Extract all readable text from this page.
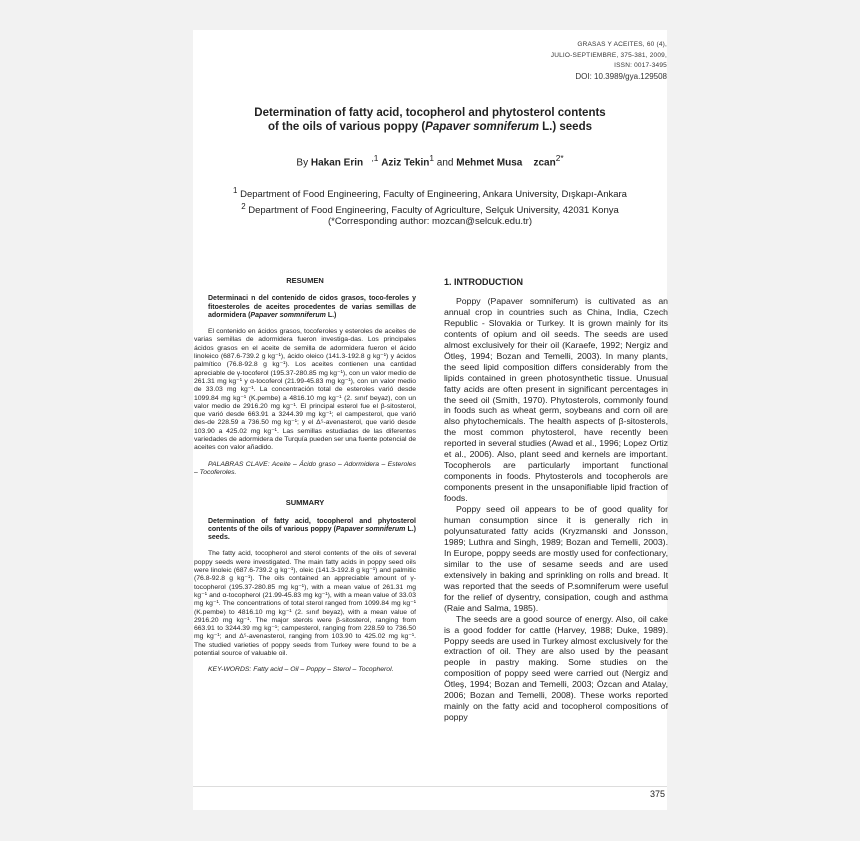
GRASAS Y ACEITES, 60 (4),
JULIO-SEPTIEMBRE, 375-381, 2009,
ISSN: 0017-3495
DOI: 10.3989/gya.129508
Determination of fatty acid, tocopherol and phytosterol contents
of the oils of various poppy (Papaver somniferum L.) seeds
By Hakan Erin $^{,1}$ Aziz Tekin$^1$ and Mehmet Musa zcan$^{2*}$
$^1$ Department of Food Engineering, Faculty of Engineering, Ankara University, Dışkapı-Ankara
$^2$ Department of Food Engineering, Faculty of Agriculture, Selçuk University, 42031 Konya
(*Corresponding author: mozcan@selcuk.edu.tr)
RESUMEN
Determinaci n del contenido de cidos grasos, toco-feroles y fitoesteroles de aceites procedentes de varias semillas de adormidera (Papaver sommniferum L.)

El contenido en ácidos grasos, tocoferoles y esteroles de aceites de varias semillas de adormidera fueron investiga-das. Los principales ácidos grasos en el aceite de semilla de adormidera fueron el ácido linoleico (687.6-739.2 g kg⁻¹), ácido oleico (141.3-192.8 g kg⁻¹) y ácidos palmítico (76.8-92.8 g kg⁻¹). Los aceites contienen una cantidad apreciable de γ-tocoferol (195.37-280.85 mg kg⁻¹), con un valor medio de 261.31 mg kg⁻¹ y α-tocoferol (21.99-45.83 mg kg⁻¹), con un valor medio de 33.03 mg kg⁻¹. La concentración total de esteroles varió desde 1099.84 mg kg⁻¹ (K.pembe) a 4816.10 mg kg⁻¹ (2. sınıf beyaz), con un valor medio de 2916.20 mg kg⁻¹. El principal esterol fue el β-sitosterol, que varió desde 663.91 a 3244.39 mg kg⁻¹; el campesterol, que varió des-de 228.59 a 736.50 mg kg⁻¹; y el Δ⁵-avenasterol, que varió desde 103.90 a 425.02 mg kg⁻¹. Las semillas estudiadas de las diferentes variedades de adormidera de Turquía pueden ser una fuente potencial de aceites con valor añadido.

PALABRAS CLAVE: Aceite – Ácido graso – Adormidera – Esteroles – Tocoferoles.

SUMMARY
Determination of fatty acid, tocopherol and phytosterol contents of the oils of various poppy (Papaver somniferum L.) seeds.

The fatty acid, tocopherol and sterol contents of the oils of several poppy seeds were investigated. The main fatty acids in poppy seed oils were linoleic (687.6-739.2 g kg⁻¹), oleic (141.3-192.8 g kg⁻¹) and palmitic (76.8-92.8 g kg⁻¹). The oils contained an appreciable amount of γ-tocopherol (195.37-280.85 mg kg⁻¹), with a mean value of 261.31 mg kg⁻¹ and α-tocopherol (21.99-45.83 mg kg⁻¹), with a mean value of 33.03 mg kg⁻¹. The concentrations of total sterol ranged from 1099.84 mg kg⁻¹ (K.pembe) to 4816.10 mg kg⁻¹ (2. sınıf beyaz), with a mean value of 2916.20 mg kg⁻¹. The major sterols were β-sitosterol, ranging from 663.91 to 3244.39 mg kg⁻¹; campesterol, ranging from 228.59 to 736.50 mg kg⁻¹; and Δ⁵-avenasterol, ranging from 103.90 to 425.02 mg kg⁻¹. The studied varieties of poppy seeds from Turkey were found to be a potential source of valuable oil.

KEY-WORDS: Fatty acid – Oil – Poppy – Sterol – Tocopherol.

1. INTRODUCTION

Poppy (Papaver somniferum) is cultivated as an annual crop in countries such as China, India, Czech Republic - Slovakia or Turkey. It is grown mainly for its contents of opium and oil seeds. The seeds are used almost exclusively for their oil (Karaefe, 1992; Nergiz and Ötleş, 1994; Bozan and Temelli, 2003). In many plants, the seed lipid composition differs considerably from the lipids contained in green photosynthetic tissue. Unusual fatty acids are often present in significant percentages in the seed oil (Smith, 1970). Phytosterols, commonly found in foods such as wheat germ, soybeans and corn oil are also phytochemicals. The health aspects of β-sitosterols, the most common phytosterol, have recently been reported in several studies (Awad et al., 1996; Lopez Ortiz et al., 2006). Also, plant seed and kernels are important. Tocopherols are particularly important functional components in foods. Phytosterols and tocopherols are components present in the unsaponifiable lipid fraction of foods.

Poppy seed oil appears to be of good quality for human consumption since it is generally rich in polyunsaturated fatty acids (Kryzmanski and Jonsson, 1989; Luthra and Singh, 1989; Bozan and Temelli, 2003). In Europe, poppy seeds are mostly used for confectionary, similar to the use of sesame seeds and are used extensively in baking and sprinkling on rolls and bread. It was reported that the seeds of P.somniferum were useful for the relief of dysentry, consipation, cough and asthma (Raie and Salma, 1985).

The seeds are a good source of energy. Also, oil cake is a good fodder for cattle (Harvey, 1988; Duke, 1989). Poppy seeds are used in Turkey almost exclusively for the extraction of oil. They are also used by the peasant people in pastry making. Some studies on the composition of poppy seed were carried out (Nergiz and Ötleş, 1994; Bozan and Temelli, 2003; Özcan and Atalay, 2006; Bozan and Temelli, 2008). These works reported mainly on the fatty acid and tocopherol compositions of poppy

375
